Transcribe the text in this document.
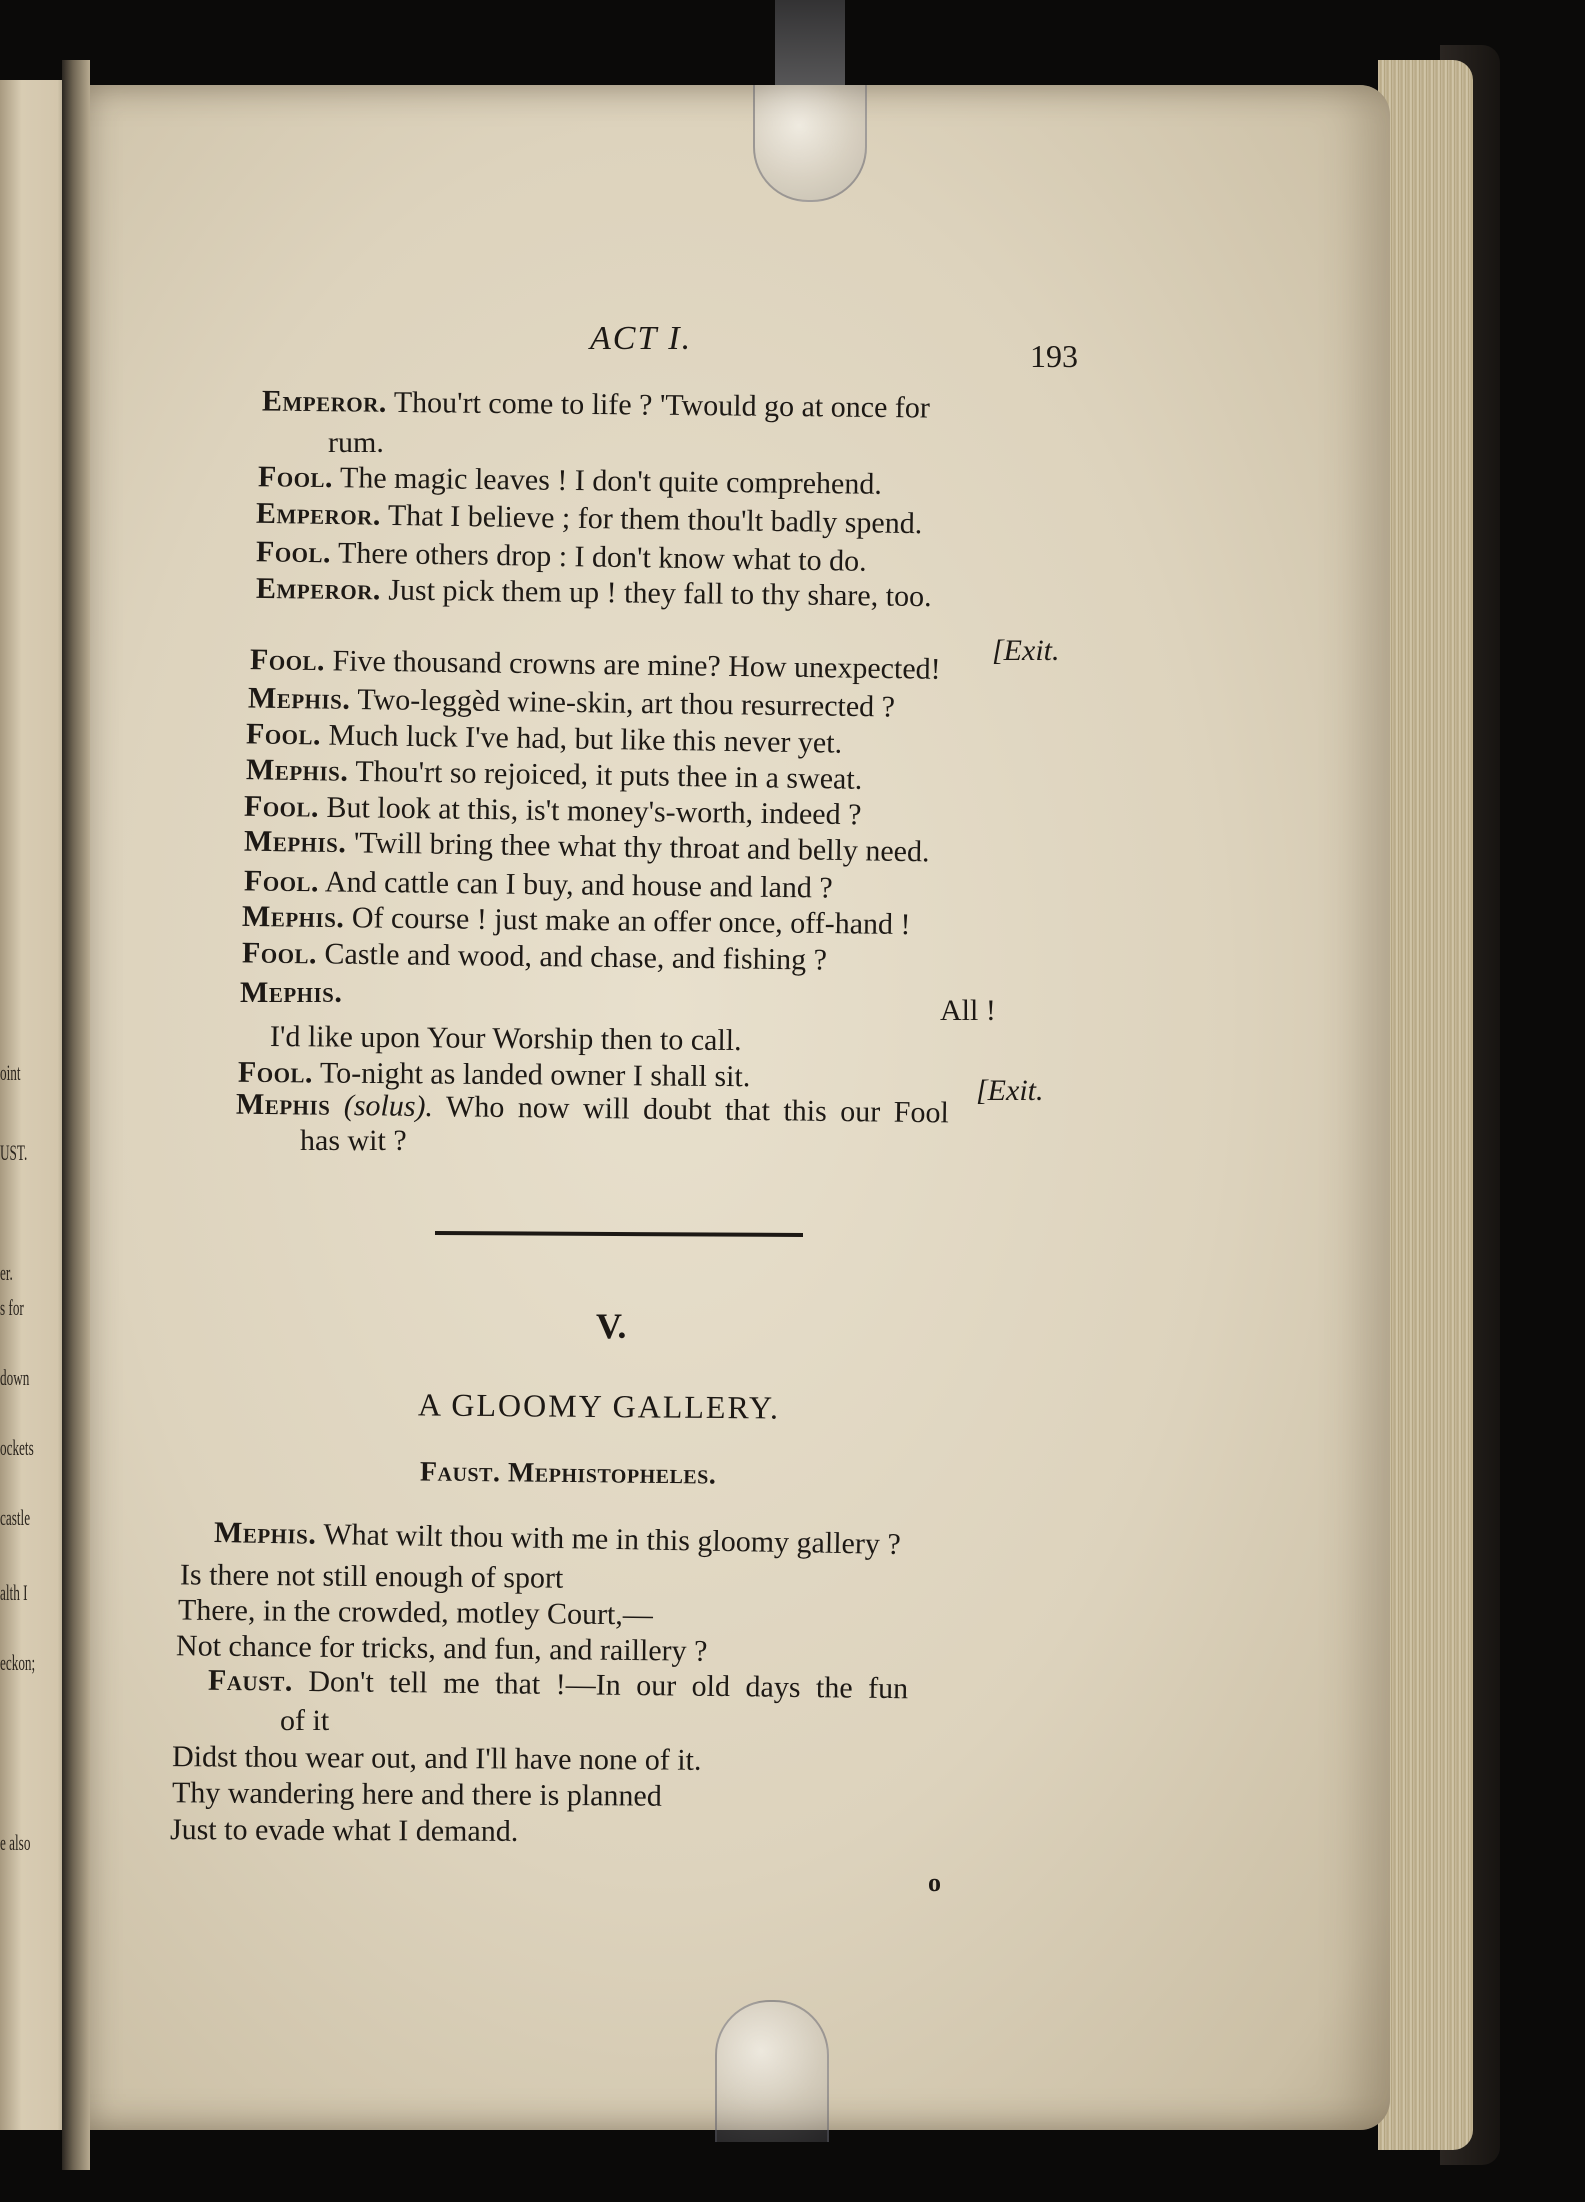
oint
UST.
er.
s for
down
ockets
castle
alth I
eckon;
e also
ACT I.	193
Emperor. Thou'rt come to life ? 'Twould go at once for
rum.
Fool. The magic leaves ! I don't quite comprehend.
Emperor. That I believe ; for them thou'lt badly spend.
Fool. There others drop : I don't know what to do.
Emperor. Just pick them up ! they fall to thy share, too.
[Exit.
Fool. Five thousand crowns are mine? How unexpected!
Mephis. Two-leggèd wine-skin, art thou resurrected ?
Fool. Much luck I've had, but like this never yet.
Mephis. Thou'rt so rejoiced, it puts thee in a sweat.
Fool. But look at this, is't money's-worth, indeed ?
Mephis. 'Twill bring thee what thy throat and belly need.
Fool. And cattle can I buy, and house and land ?
Mephis. Of course ! just make an offer once, off-hand !
Fool. Castle and wood, and chase, and fishing ?
Mephis.
All !
I'd like upon Your Worship then to call.
Fool. To-night as landed owner I shall sit.	[Exit.
Mephis (solus). Who now will doubt that this our Fool
has wit ?
V.
A GLOOMY GALLERY.
Faust. Mephistopheles.
Mephis. What wilt thou with me in this gloomy gallery ?
Is there not still enough of sport
There, in the crowded, motley Court,—
Not chance for tricks, and fun, and raillery ?
Faust. Don't tell me that !—In our old days the fun
of it
Didst thou wear out, and I'll have none of it.
Thy wandering here and there is planned
Just to evade what I demand.
o
